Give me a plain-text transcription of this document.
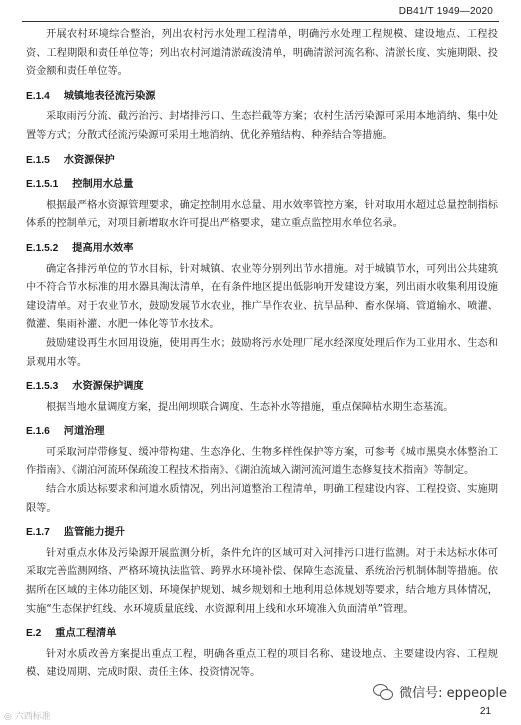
DB41/T 1949—2020

开展农村环境综合整治，列出农村污水处理工程清单，明确污水处理工程规模、建设地点、工程投资、工程期限和责任单位等；列出农村河道清淤疏浚清单，明确清淤河流名称、清淤长度、实施期限、投资金额和责任单位等。

E.1.4 城镇地表径流污染源

采取雨污分流、截污治污、封堵排污口、生态拦截等方案；农村生活污染源可采用本地消纳、集中处置等方式；分散式径流污染源可采用土地消纳、优化养殖结构、种养结合等措施。

E.1.5 水资源保护
E.1.5.1 控制用水总量

根据最严格水资源管理要求，确定控制用水总量、用水效率管控方案，针对取用水超过总量控制指标体系的控制单元，对项目新增取水许可提出严格要求，建立重点监控用水单位名录。

E.1.5.2 提高用水效率

确定各排污单位的节水目标，针对城镇、农业等分别列出节水措施。对于城镇节水，可列出公共建筑中不符合节水标准的用水器具淘汰清单，在有条件地区提出低影响开发建设方案，列出雨水收集利用设施建设清单。对于农业节水，鼓励发展节水农业，推广旱作农业、抗旱品种、畜水保墒、管道输水、喷灌、微灌、集雨补灌、水肥一体化等节水技术。

鼓励建设再生水回用设施，使用再生水；鼓励将污水处理厂尾水经深度处理后作为工业用水、生态和景观用水等。

E.1.5.3 水资源保护调度

根据当地水量调度方案，提出闸坝联合调度、生态补水等措施，重点保障枯水期生态基流。

E.1.6 河道治理

可采取河岸带修复、缓冲带构建、生态净化、生物多样性保护等方案，可参考《城市黑臭水体整治工作指南》、《湖泊河流环保疏浚工程技术指南》、《湖泊流域入湖河流河道生态修复技术指南》等制定。

结合水质达标要求和河道水质情况，列出河道整治工程清单，明确工程建设内容、工程投资、实施期限等。

E.1.7 监管能力提升

针对重点水体及污染源开展监测分析，条件允许的区域可对入河排污口进行监测。对于未达标水体可采取完善监测网络、严格环境执法监管、跨界水环境补偿、保障生态流量、系统治污机制体制等措施。依据所在区域的主体功能区划、环境保护规划、城乡规划和土地利用总体规划等要求，结合地方具体情况，实施“生态保护红线、水环境质量底线、水资源利用上线和水环境准入负面清单”管理。

E.2 重点工程清单

针对水质改善方案提出重点工程，明确各重点工程的项目名称、建设地点、主要建设内容、工程规模、建设周期、完成时限、责任主体、投资情况等。

◎ 六西标准
微信号: eppeople
21
